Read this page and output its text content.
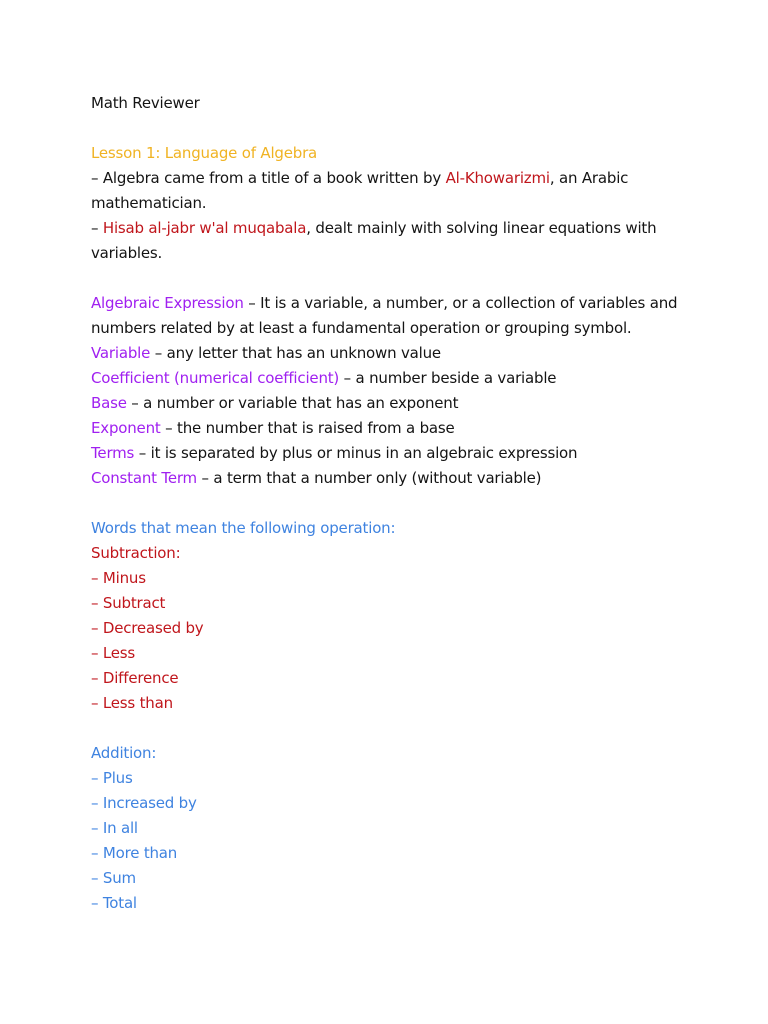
Math Reviewer
Lesson 1: Language of Algebra
– Algebra came from a title of a book written by Al-Khowarizmi, an Arabic
mathematician.
– Hisab al-jabr w'al muqabala, dealt mainly with solving linear equations with
variables.
Algebraic Expression – It is a variable, a number, or a collection of variables and
numbers related by at least a fundamental operation or grouping symbol.
Variable – any letter that has an unknown value
Coefficient (numerical coefficient) – a number beside a variable
Base – a number or variable that has an exponent
Exponent – the number that is raised from a base
Terms – it is separated by plus or minus in an algebraic expression
Constant Term – a term that a number only (without variable)
Words that mean the following operation:
Subtraction:
– Minus
– Subtract
– Decreased by
– Less
– Difference
– Less than
Addition:
– Plus
– Increased by
– In all
– More than
– Sum
– Total
